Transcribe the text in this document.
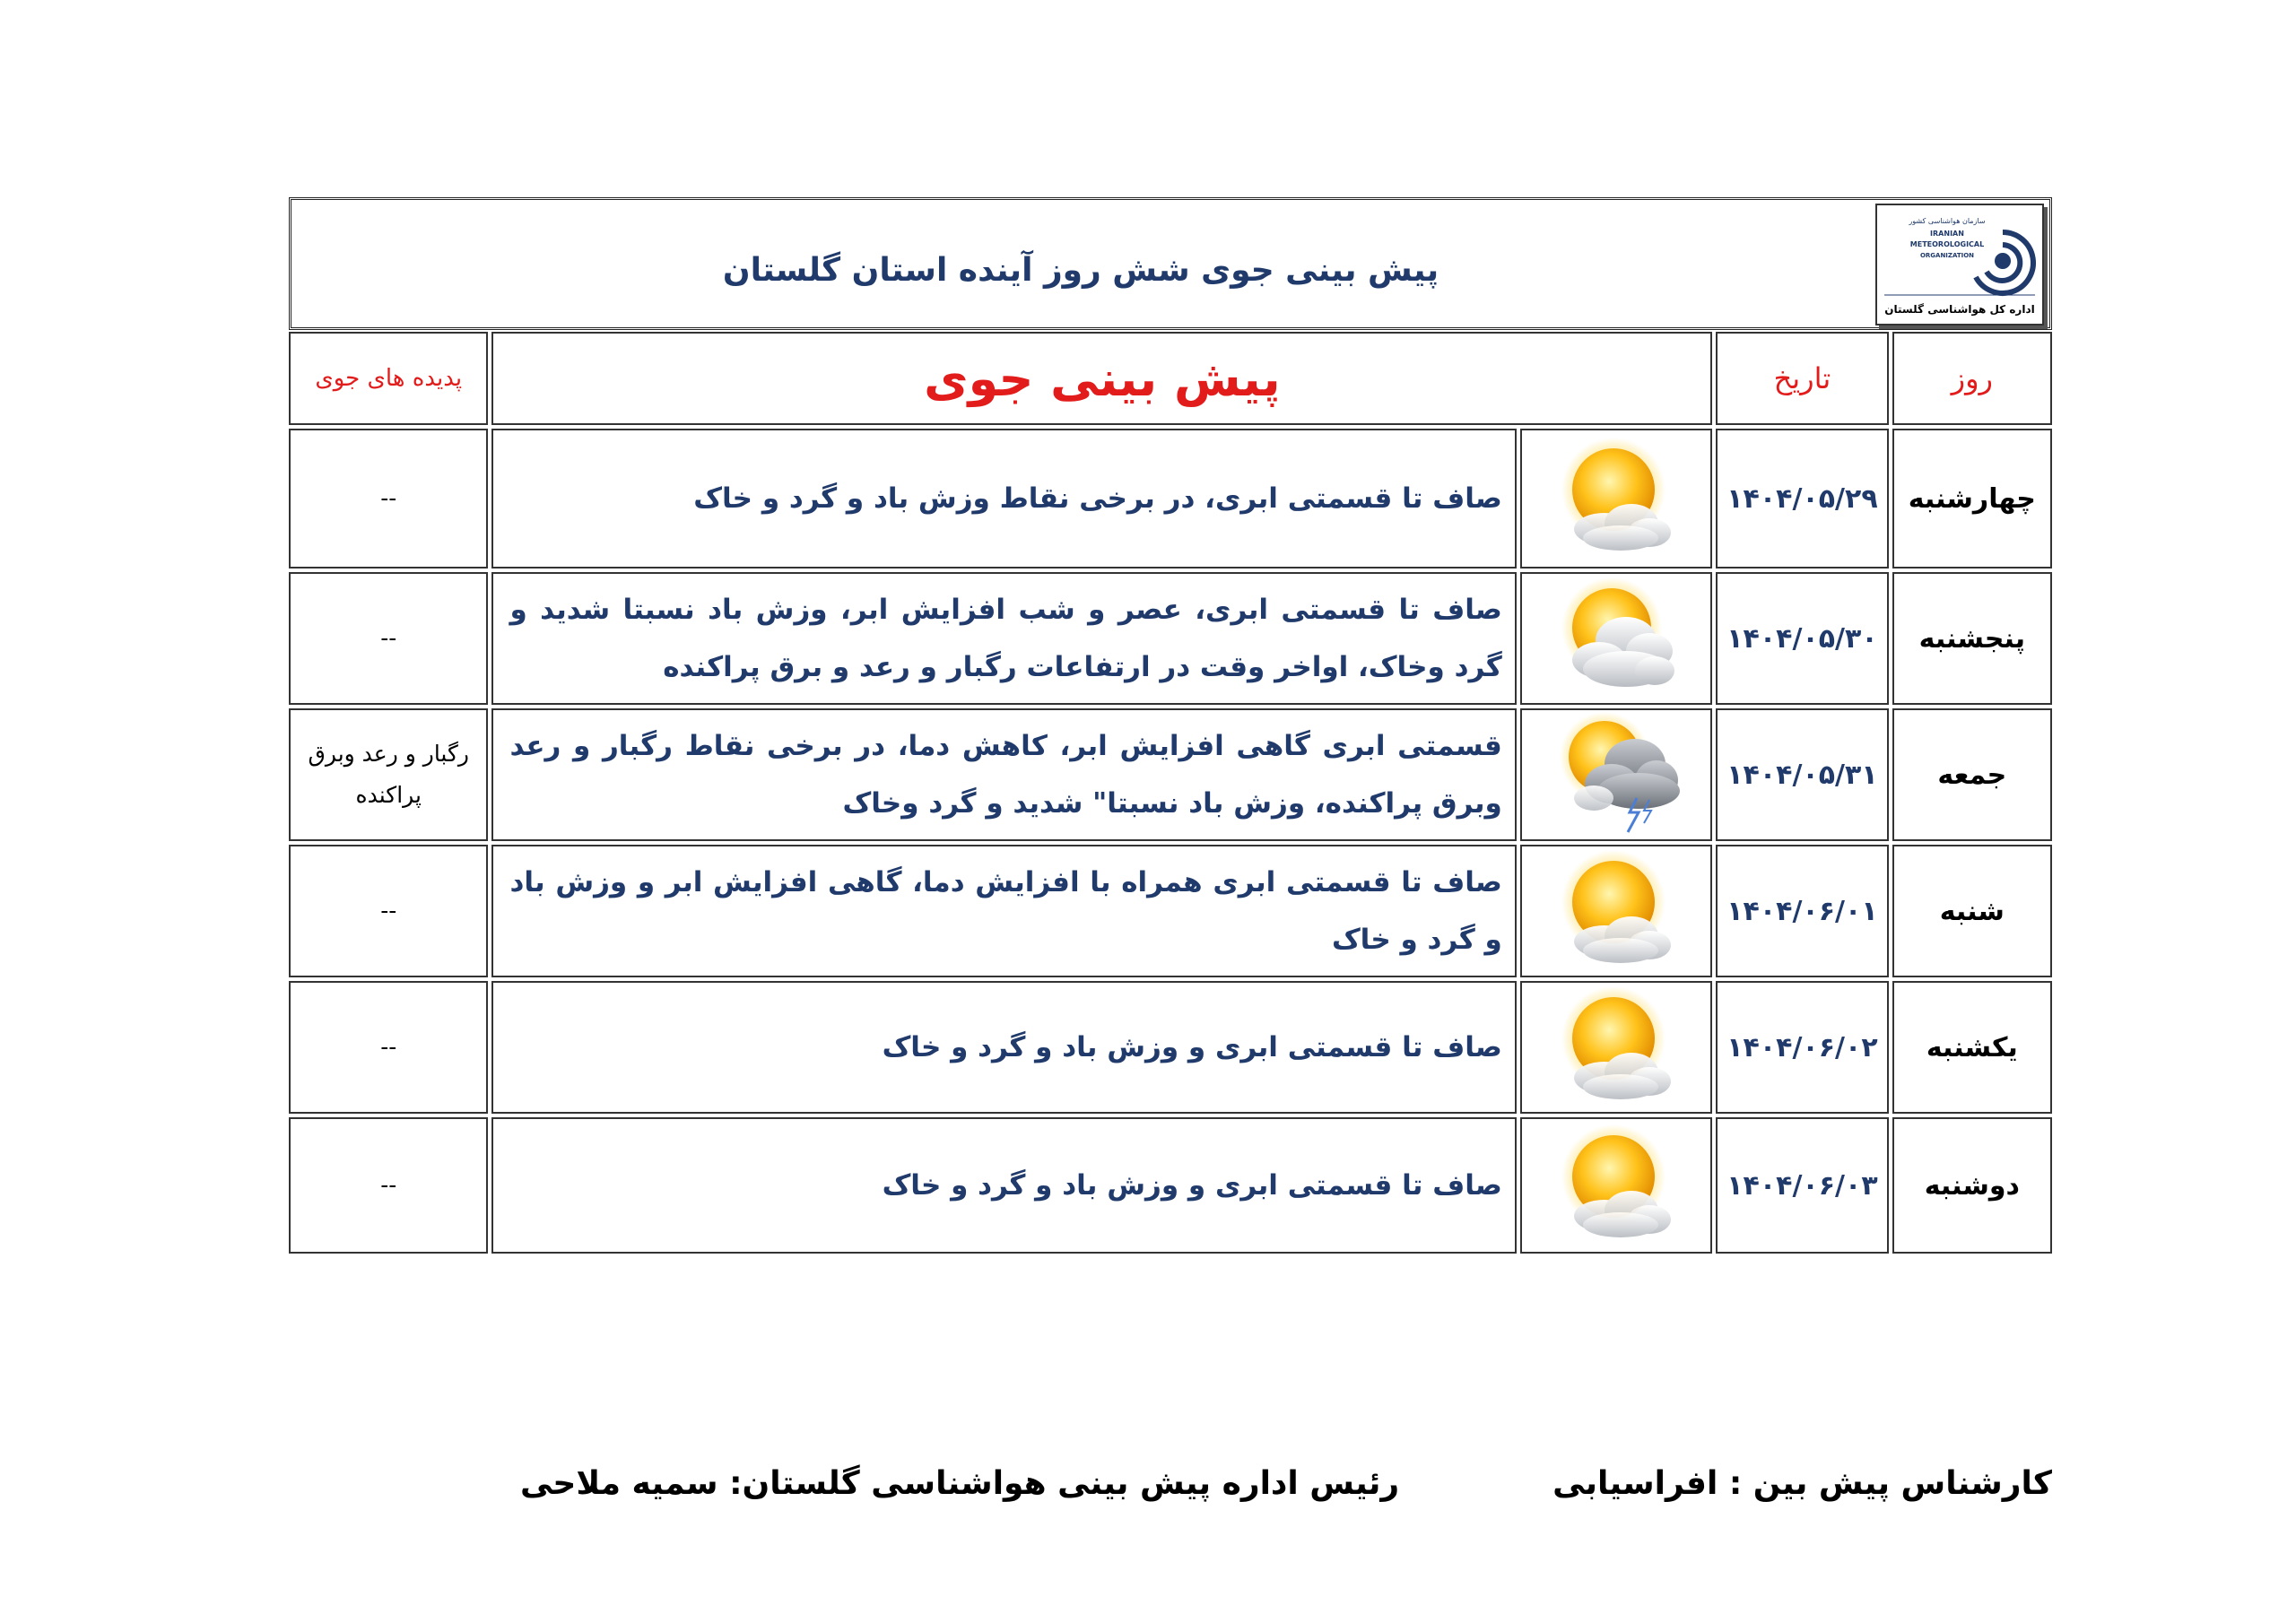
پیش بینی جوی شش روز آینده استان گلستان
سازمان هواشناسی کشور
IRANIAN
METEOROLOGICAL
ORGANIZATION
اداره کل هواشناسی گلستان
روز	تاریخ	پیش بینی جوی		پدیده های جوی
چهارشنبه	۱۴۰۴/۰۵/۲۹		صاف تا قسمتی ابری، در برخی نقاط وزش باد و گرد و خاک	--
پنجشنبه	۱۴۰۴/۰۵/۳۰		صاف تا قسمتی ابری، عصر و شب افزایش ابر، وزش باد نسبتا شدید و گرد وخاک، اواخر وقت در ارتفاعات رگبار و رعد و برق پراکنده	--
جمعه	۱۴۰۴/۰۵/۳۱		قسمتی ابری گاهی افزایش ابر، کاهش دما، در برخی نقاط رگبار و رعد وبرق پراکنده، وزش باد نسبتا" شدید و گرد وخاک	رگبار و رعد وبرق پراکنده
شنبه	۱۴۰۴/۰۶/۰۱		صاف تا قسمتی ابری همراه با افزایش دما، گاهی افزایش ابر و وزش باد و گرد و خاک	--
یکشنبه	۱۴۰۴/۰۶/۰۲		صاف تا قسمتی ابری و وزش باد و گرد و خاک	--
دوشنبه	۱۴۰۴/۰۶/۰۳		صاف تا قسمتی ابری و وزش باد و گرد و خاک	--
کارشناس پیش بین : افراسیابی
رئیس اداره پیش بینی هواشناسی گلستان: سمیه ملاحی
